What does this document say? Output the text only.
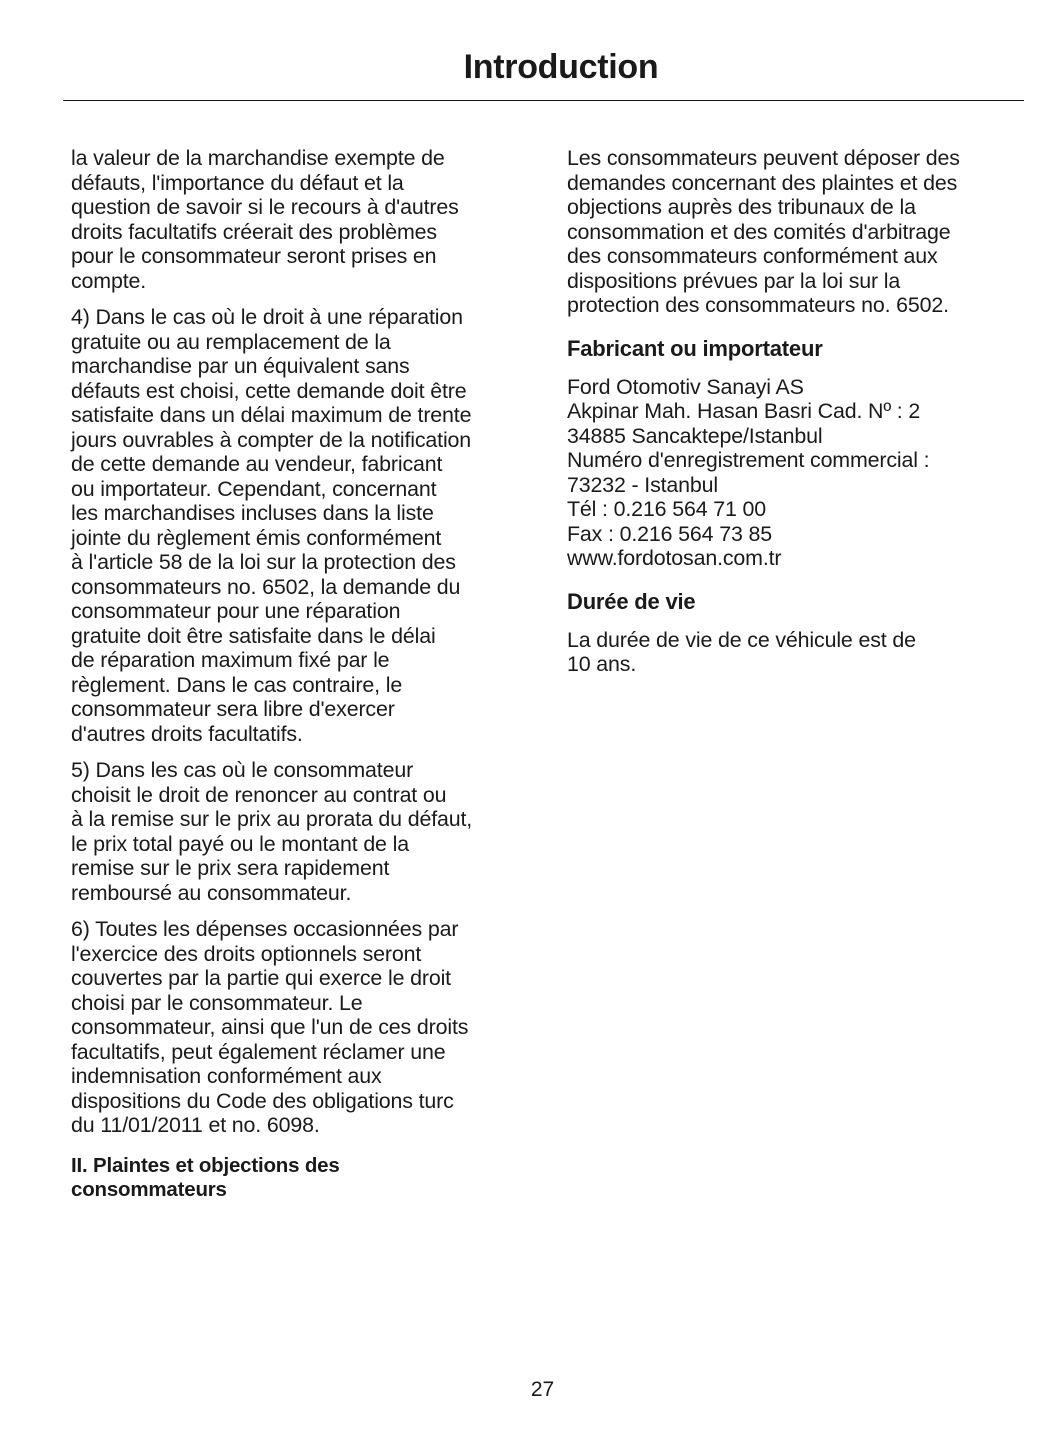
Introduction

la valeur de la marchandise exempte de
défauts, l'importance du défaut et la
question de savoir si le recours à d'autres
droits facultatifs créerait des problèmes
pour le consommateur seront prises en
compte.

4) Dans le cas où le droit à une réparation
gratuite ou au remplacement de la
marchandise par un équivalent sans
défauts est choisi, cette demande doit être
satisfaite dans un délai maximum de trente
jours ouvrables à compter de la notification
de cette demande au vendeur, fabricant
ou importateur. Cependant, concernant
les marchandises incluses dans la liste
jointe du règlement émis conformément
à l'article 58 de la loi sur la protection des
consommateurs no. 6502, la demande du
consommateur pour une réparation
gratuite doit être satisfaite dans le délai
de réparation maximum fixé par le
règlement. Dans le cas contraire, le
consommateur sera libre d'exercer
d'autres droits facultatifs.

5) Dans les cas où le consommateur
choisit le droit de renoncer au contrat ou
à la remise sur le prix au prorata du défaut,
le prix total payé ou le montant de la
remise sur le prix sera rapidement
remboursé au consommateur.

6) Toutes les dépenses occasionnées par
l'exercice des droits optionnels seront
couvertes par la partie qui exerce le droit
choisi par le consommateur. Le
consommateur, ainsi que l'un de ces droits
facultatifs, peut également réclamer une
indemnisation conformément aux
dispositions du Code des obligations turc
du 11/01/2011 et no. 6098.

II. Plaintes et objections des
consommateurs

Les consommateurs peuvent déposer des
demandes concernant des plaintes et des
objections auprès des tribunaux de la
consommation et des comités d'arbitrage
des consommateurs conformément aux
dispositions prévues par la loi sur la
protection des consommateurs no. 6502.

Fabricant ou importateur

Ford Otomotiv Sanayi AS
Akpinar Mah. Hasan Basri Cad. Nº : 2
34885 Sancaktepe/Istanbul
Numéro d'enregistrement commercial :
73232 - Istanbul
Tél : 0.216 564 71 00
Fax : 0.216 564 73 85
www.fordotosan.com.tr

Durée de vie

La durée de vie de ce véhicule est de
10 ans.

27
